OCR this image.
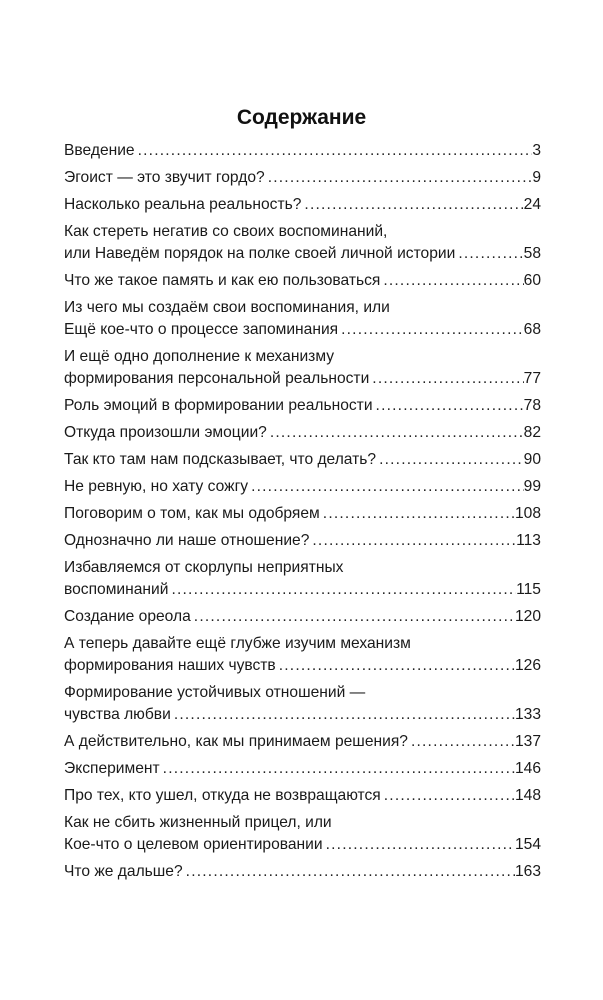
Содержание
Введение .....	3
Эгоист — это звучит гордо? .....	9
Насколько реальна реальность? .....	24
Как стереть негатив со своих воспоминаний,
или Наведём порядок на полке своей личной истории .....	58
Что же такое память и как ею пользоваться .....	60
Из чего мы создаём свои воспоминания, или
Ещё кое-что о процессе запоминания .....	68
И ещё одно дополнение к механизму
формирования персональной реальности .....	77
Роль эмоций в формировании реальности .....	78
Откуда произошли эмоции? .....	82
Так кто там нам подсказывает, что делать? .....	90
Не ревную, но хату сожгу .....	99
Поговорим о том, как мы одобряем .....	108
Однозначно ли наше отношение? .....	113
Избавляемся от скорлупы неприятных
воспоминаний .....	115
Создание ореола .....	120
А теперь давайте ещё глубже изучим механизм
формирования наших чувств .....	126
Формирование устойчивых отношений —
чувства любви .....	133
А действительно, как мы принимаем решения? .....	137
Эксперимент .....	146
Про тех, кто ушел, откуда не возвращаются .....	148
Как не сбить жизненный прицел, или
Кое-что о целевом ориентировании .....	154
Что же дальше? .....	163
